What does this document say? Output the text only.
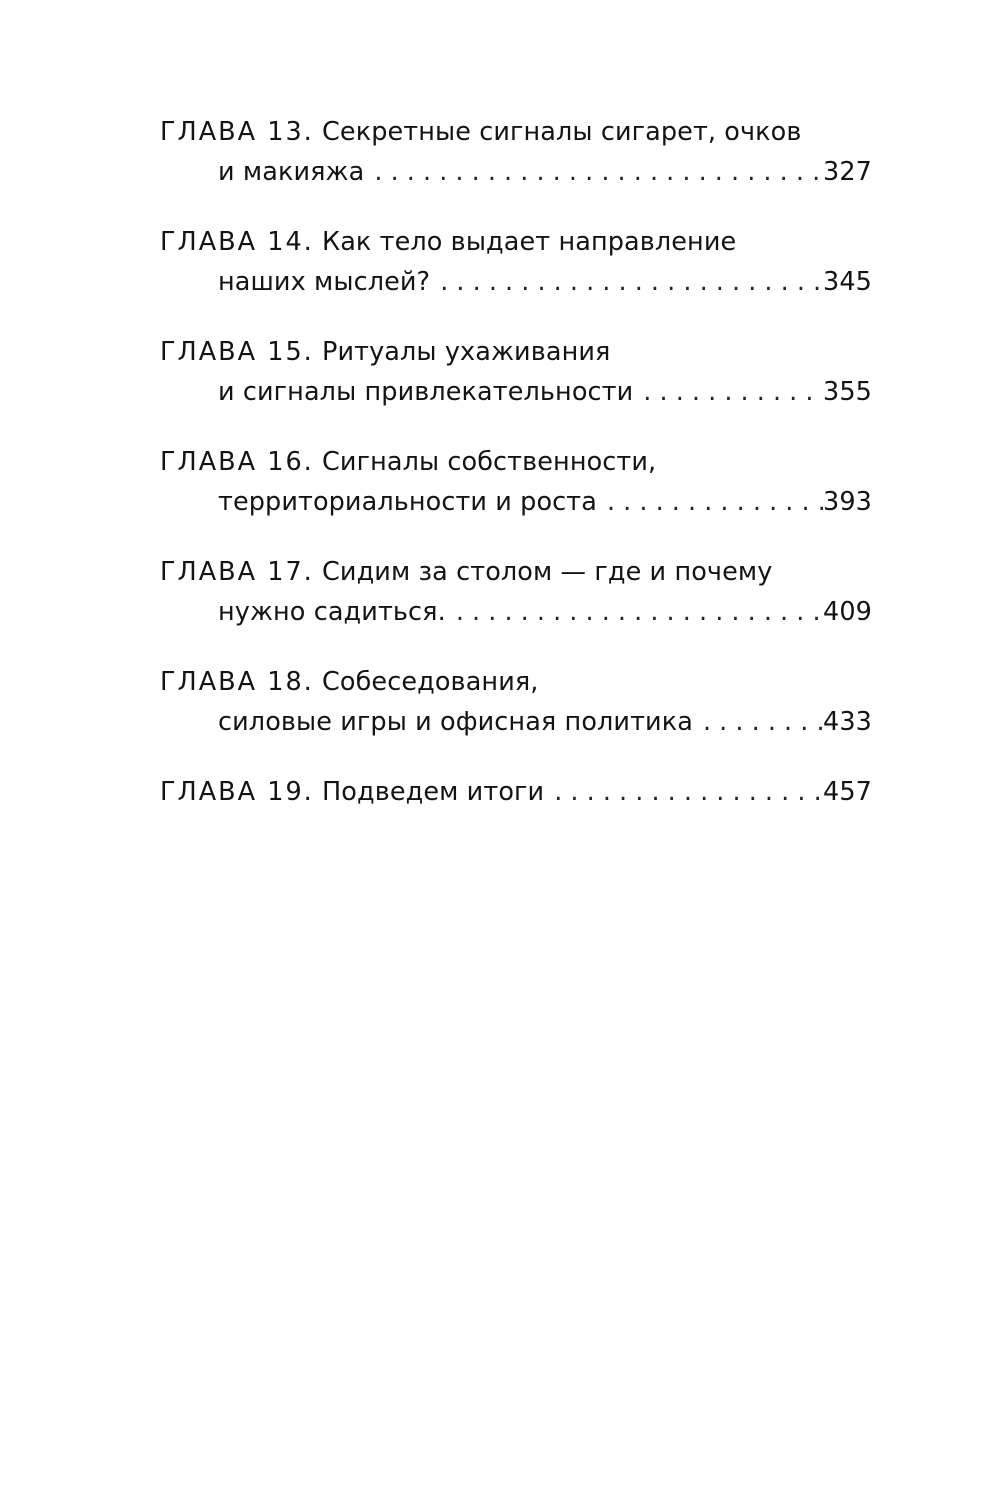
ГЛАВА 13. Секретные сигналы сигарет, очков
и макияжа . . .	327
ГЛАВА 14. Как тело выдает направление
наших мыслей? . . .	345
ГЛАВА 15. Ритуалы ухаживания
и сигналы привлекательности . . .	355
ГЛАВА 16. Сигналы собственности,
территориальности и роста . . .	393
ГЛАВА 17. Сидим за столом — где и почему
нужно садиться. . . .	409
ГЛАВА 18. Собеседования,
силовые игры и офисная политика . . .	433
ГЛАВА 19. Подведем итоги . . .	457
